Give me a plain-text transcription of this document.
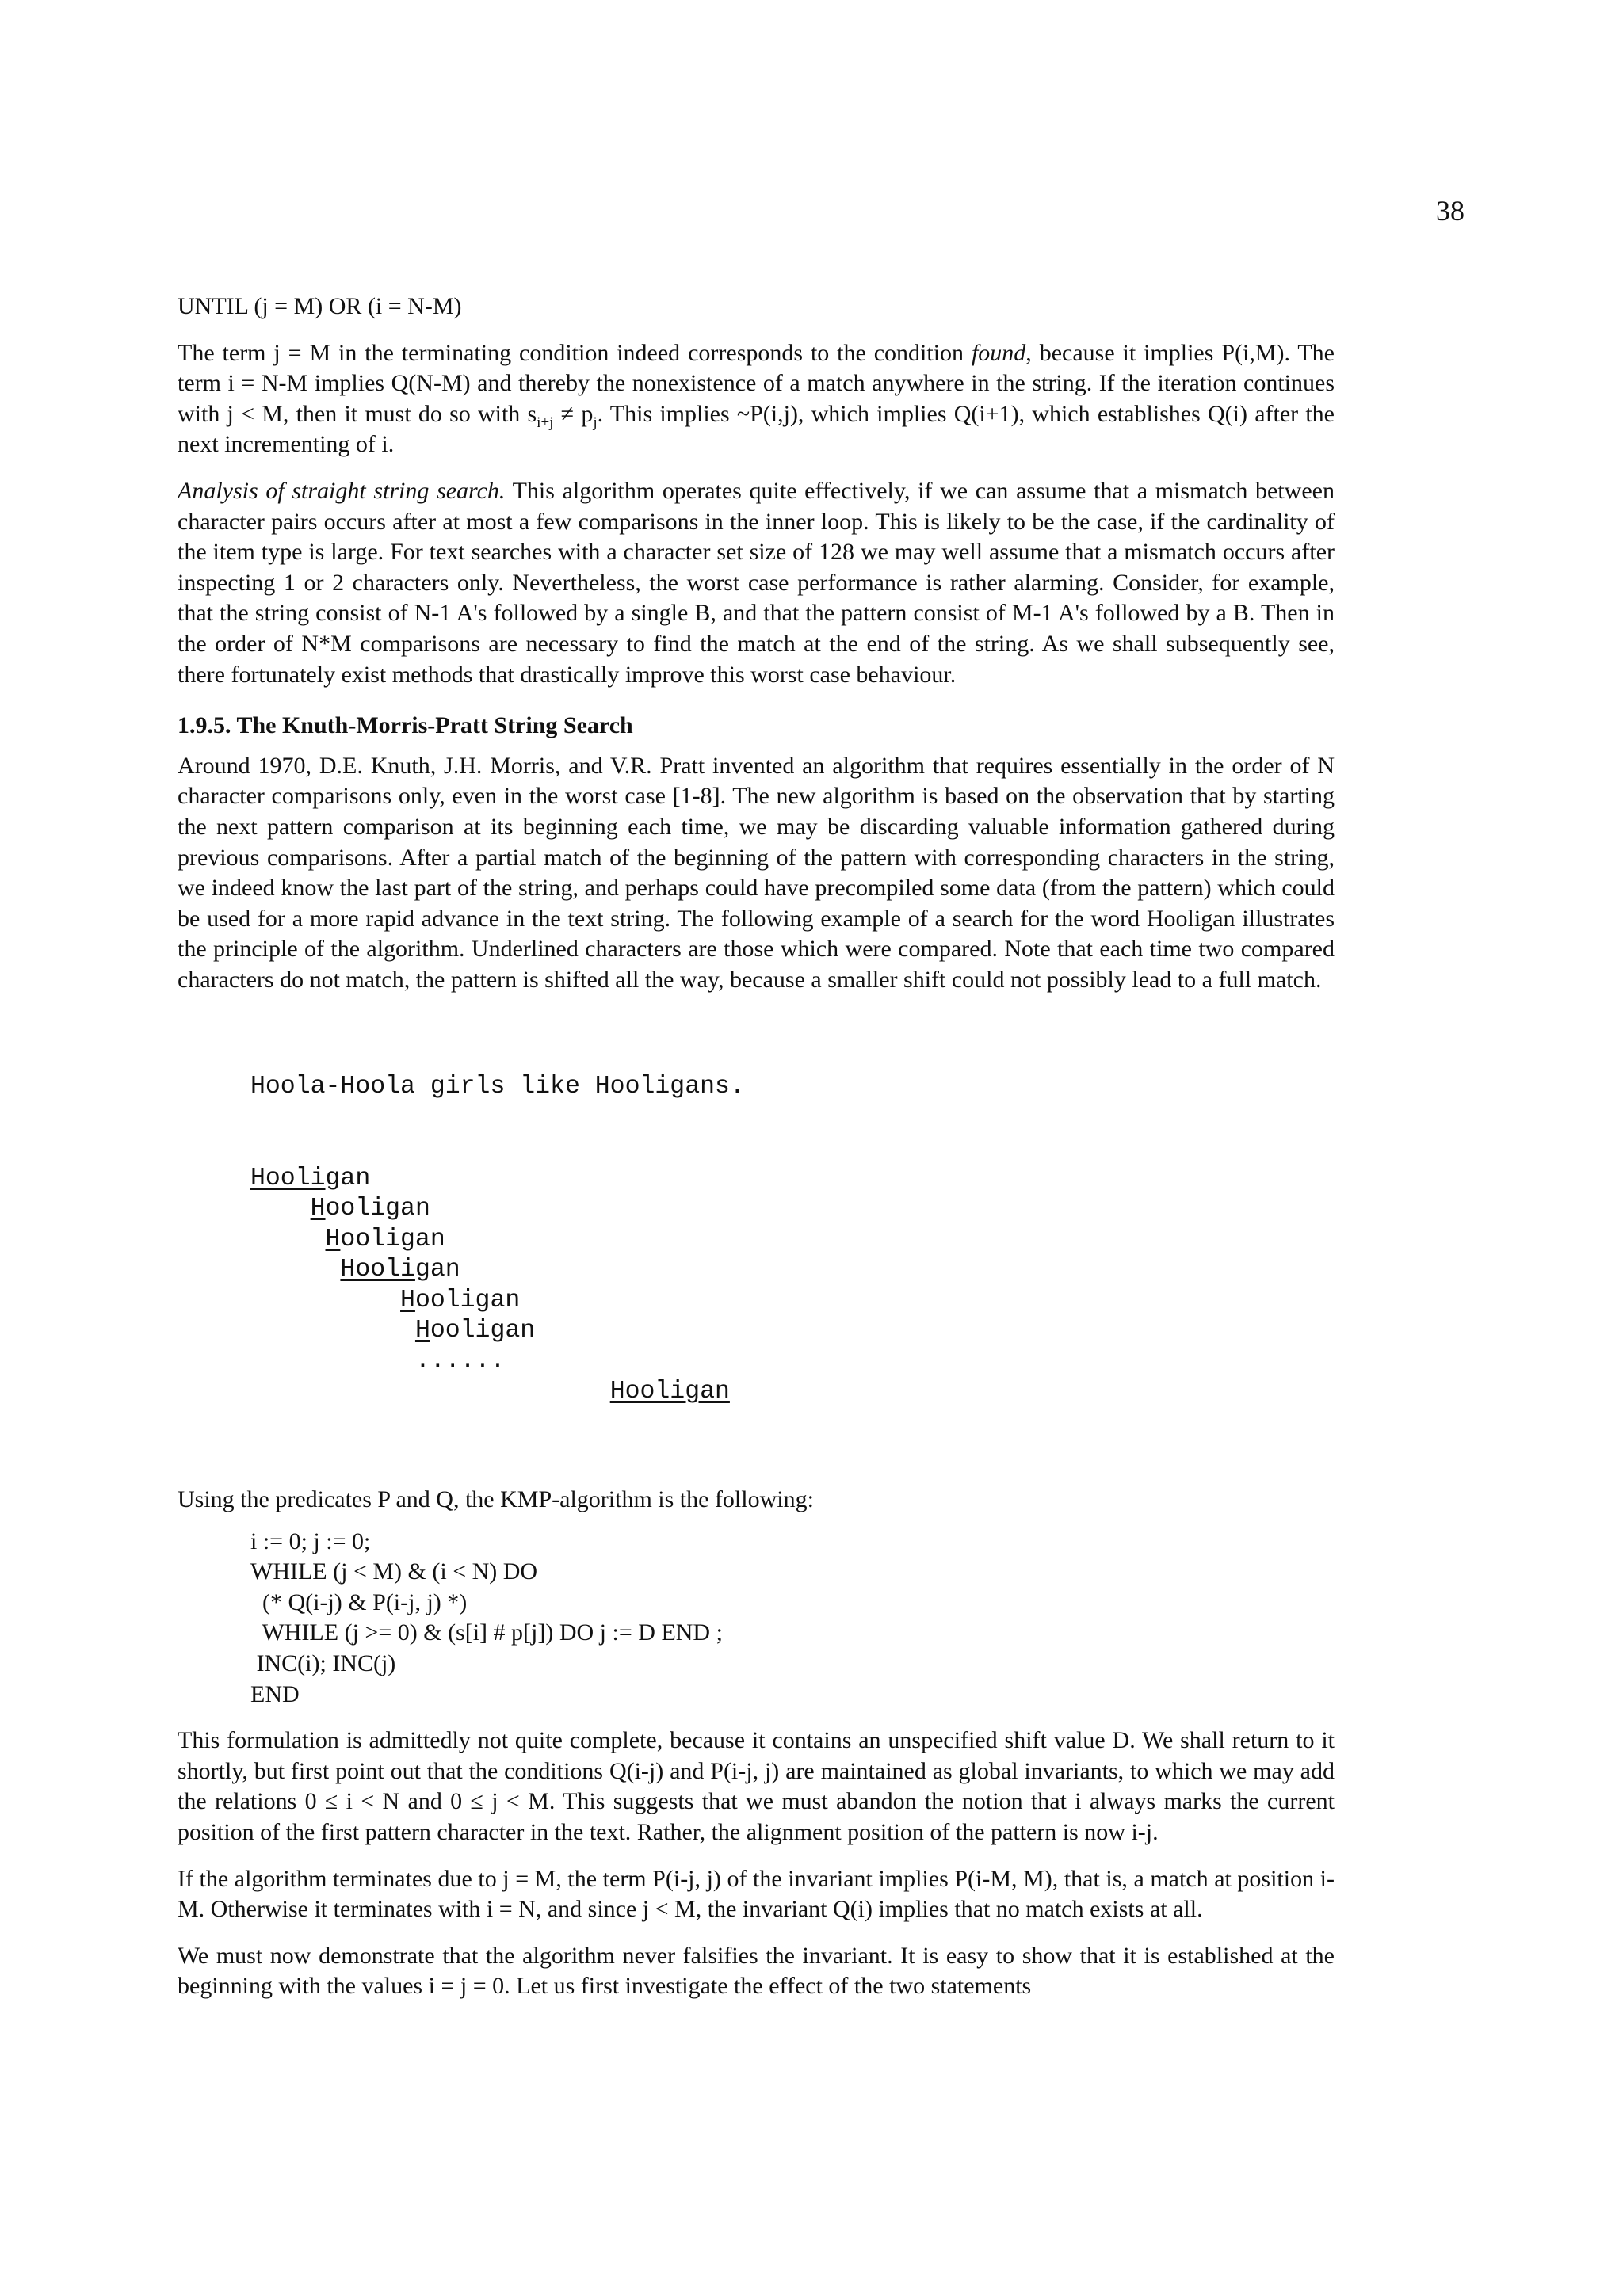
38

UNTIL (j = M) OR (i = N-M)

The term j = M in the terminating condition indeed corresponds to the condition found, because it implies P(i,M). The term i = N-M implies Q(N-M) and thereby the nonexistence of a match anywhere in the string. If the iteration continues with j < M, then it must do so with $s_{i+j} \ne p_j$. This implies ~P(i,j), which implies Q(i+1), which establishes Q(i) after the next incrementing of i.

Analysis of straight string search. This algorithm operates quite effectively, if we can assume that a mismatch between character pairs occurs after at most a few comparisons in the inner loop. This is likely to be the case, if the cardinality of the item type is large. For text searches with a character set size of 128 we may well assume that a mismatch occurs after inspecting 1 or 2 characters only. Nevertheless, the worst case performance is rather alarming. Consider, for example, that the string consist of N-1 A's followed by a single B, and that the pattern consist of M-1 A's followed by a B. Then in the order of N*M comparisons are necessary to find the match at the end of the string. As we shall subsequently see, there fortunately exist methods that drastically improve this worst case behaviour.

1.9.5. The Knuth-Morris-Pratt String Search

Around 1970, D.E. Knuth, J.H. Morris, and V.R. Pratt invented an algorithm that requires essentially in the order of N character comparisons only, even in the worst case [1-8]. The new algorithm is based on the observation that by starting the next pattern comparison at its beginning each time, we may be discarding valuable information gathered during previous comparisons. After a partial match of the beginning of the pattern with corresponding characters in the string, we indeed know the last part of the string, and perhaps could have precompiled some data (from the pattern) which could be used for a more rapid advance in the text string. The following example of a search for the word Hooligan illustrates the principle of the algorithm. Underlined characters are those which were compared. Note that each time two compared characters do not match, the pattern is shifted all the way, because a smaller shift could not possibly lead to a full match.

Hoola-Hoola girls like Hooligans.

Hooligan
Hooligan
Hooligan
Hooligan
Hooligan
Hooligan
......
Hooligan

Using the predicates P and Q, the KMP-algorithm is the following:

i := 0; j := 0;
WHILE (j < M) & (i < N) DO
(* Q(i-j) & P(i-j, j) *)
WHILE (j >= 0) & (s[i] # p[j]) DO j := D END ;
INC(i); INC(j)
END

This formulation is admittedly not quite complete, because it contains an unspecified shift value D. We shall return to it shortly, but first point out that the conditions Q(i-j) and P(i-j, j) are maintained as global invariants, to which we may add the relations 0 ≤ i < N and 0 ≤ j < M. This suggests that we must abandon the notion that i always marks the current position of the first pattern character in the text. Rather, the alignment position of the pattern is now i-j.

If the algorithm terminates due to j = M, the term P(i-j, j) of the invariant implies P(i-M, M), that is, a match at position i-M. Otherwise it terminates with i = N, and since j < M, the invariant Q(i) implies that no match exists at all.

We must now demonstrate that the algorithm never falsifies the invariant. It is easy to show that it is established at the beginning with the values i = j = 0. Let us first investigate the effect of the two statements
